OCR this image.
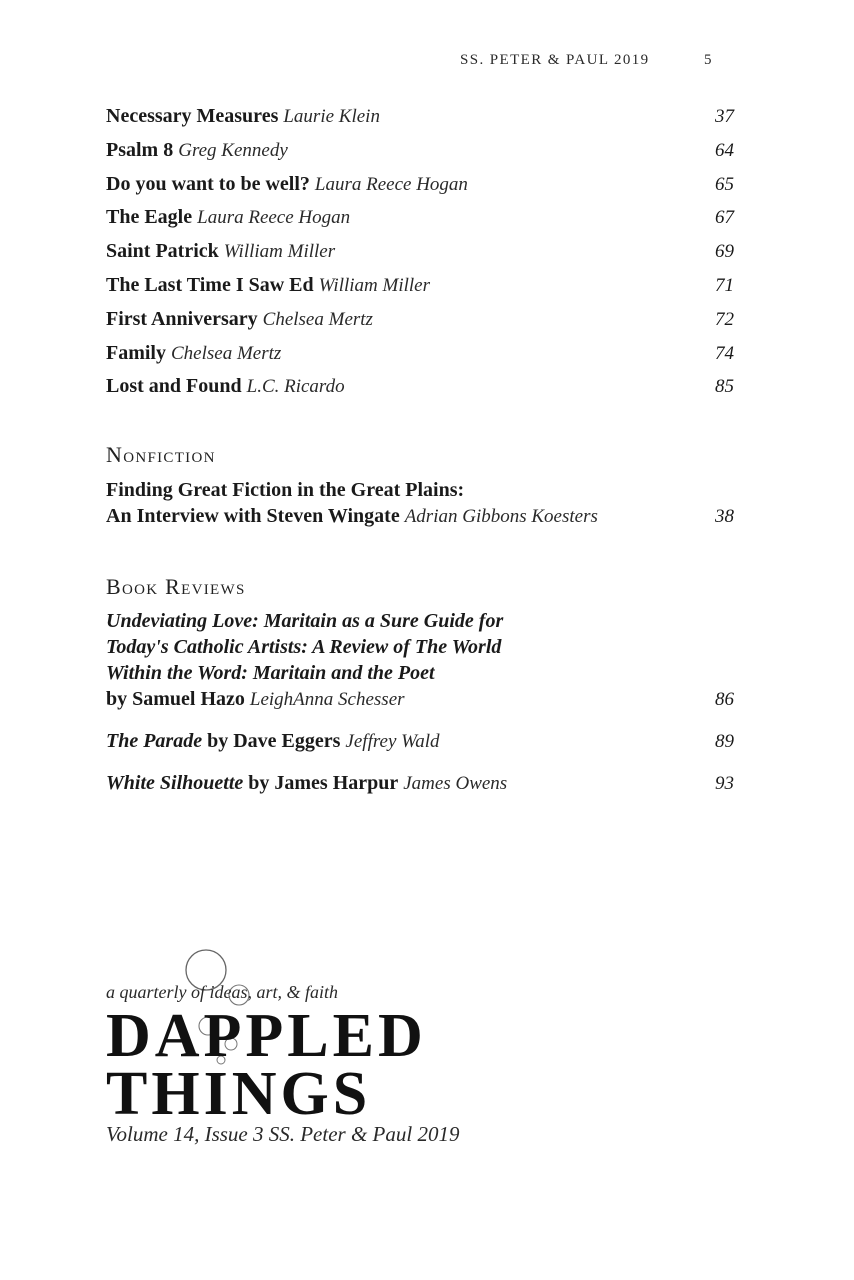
SS. PETER & PAUL 2019	5
Necessary Measures Laurie Klein	37
Psalm 8 Greg Kennedy	64
Do you want to be well? Laura Reece Hogan	65
The Eagle Laura Reece Hogan	67
Saint Patrick William Miller	69
The Last Time I Saw Ed William Miller	71
First Anniversary Chelsea Mertz	72
Family Chelsea Mertz	74
Lost and Found L.C. Ricardo	85
Nonfiction
Finding Great Fiction in the Great Plains:
An Interview with Steven Wingate Adrian Gibbons Koesters	38
Book Reviews
Undeviating Love: Maritain as a Sure Guide for
Today's Catholic Artists: A Review of The World
Within the Word: Maritain and the Poet
by Samuel Hazo LeighAnna Schesser	86
The Parade by Dave Eggers Jeffrey Wald	89
White Silhouette by James Harpur James Owens	93
a quarterly of ideas, art, & faith
DAPPLED
THINGS
Volume 14, Issue 3 SS. Peter & Paul 2019
